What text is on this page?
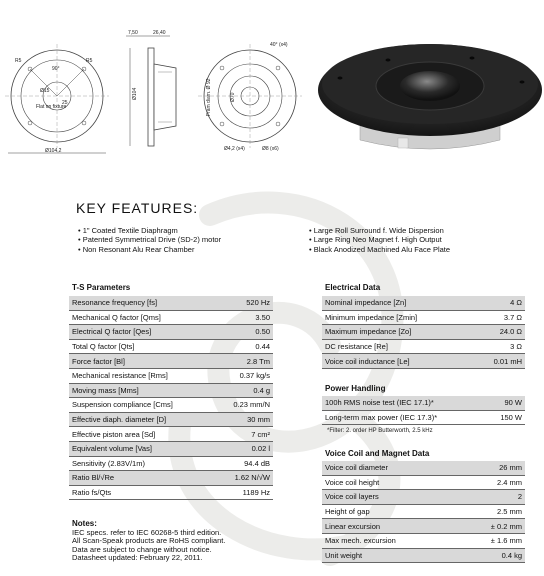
R5	R5
90°
Ø15
25
Flat on fixture
Ø104,2
7,50	26,40
Ø104	Fram diam. Ø 92	Ø70
Ø4,2 (x4)	Ø8 (x6)
40° (x4)
KEY FEATURES:
• 1" Coated Textile Diaphragm
• Patented Symmetrical Drive (SD-2) motor
• Non Resonant Alu Rear Chamber
• Large Roll Surround f. Wide Dispersion
• Large Ring Neo Magnet f. High Output
• Black Anodized Machined Alu Face Plate
T-S Parameters
Resonance frequency [fs]	520 Hz
Mechanical Q factor [Qms]	3.50
Electrical Q factor [Qes]	0.50
Total Q factor [Qts]	0.44
Force factor [Bl]	2.8 Tm
Mechanical resistance [Rms]	0.37 kg/s
Moving mass [Mms]	0.4 g
Suspension compliance [Cms]	0.23 mm/N
Effective diaph. diameter [D]	30 mm
Effective piston area [Sd]	7 cm²
Equivalent volume [Vas]	0.02 l
Sensitivity (2.83V/1m)	94.4 dB
Ratio Bl/√Re	1.62 N/√W
Ratio fs/Qts	1189 Hz
Electrical Data
Nominal impedance [Zn]	4 Ω
Minimum impedance [Zmin]	3.7 Ω
Maximum impedance [Zo]	24.0 Ω
DC resistance [Re]	3 Ω
Voice coil inductance [Le]	0.01 mH
Power Handling
100h RMS noise test (IEC 17.1)*	90 W
Long-term max power (IEC 17.3)*	150 W
*Filter: 2. order HP Butterworth, 2.5 kHz
Voice Coil and Magnet Data
Voice coil diameter	26 mm
Voice coil height	2.4 mm
Voice coil layers	2
Height of gap	2.5 mm
Linear excursion	± 0.2 mm
Max mech. excursion	± 1.6 mm
Unit weight	0.4 kg
Notes:
IEC specs. refer to IEC 60268-5 third edition.
All Scan-Speak products are RoHS compliant.
Data are subject to change without notice.
Datasheet updated: February 22, 2011.
